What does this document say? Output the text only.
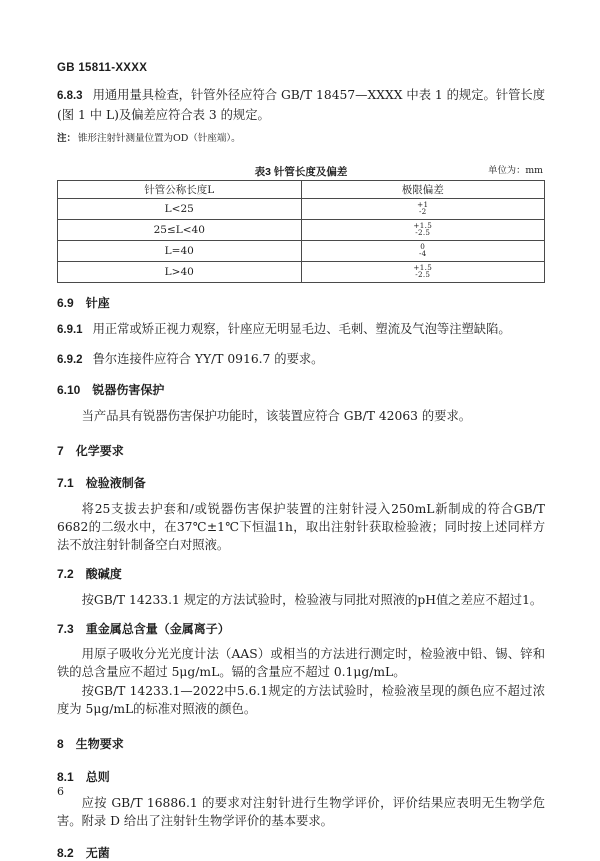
GB 15811-XXXX
6.8.3 用通用量具检查，针管外径应符合 GB/T 18457—XXXX 中表 1 的规定。针管长度(图 1 中 L)及偏差应符合表 3 的规定。
注： 锥形注射针测量位置为OD（针座端）。
表3 针管长度及偏差	单位为：mm
针管公称长度L	极限偏差
L<25	+1
-2

25≤L<40	+1.5
-2.5

L=40	0
-4

L>40	+1.5
-2.5
6.9 针座
6.9.1 用正常或矫正视力观察，针座应无明显毛边、毛刺、塑流及气泡等注塑缺陷。
6.9.2 鲁尔连接件应符合 YY/T 0916.7 的要求。
6.10 锐器伤害保护
当产品具有锐器伤害保护功能时，该装置应符合 GB/T 42063 的要求。
7 化学要求
7.1 检验液制备
将25支拔去护套和/或锐器伤害保护装置的注射针浸入250mL新制成的符合GB/T 6682的二级水中，在37℃±1℃下恒温1h，取出注射针获取检验液；同时按上述同样方法不放注射针制备空白对照液。
7.2 酸碱度
按GB/T 14233.1 规定的方法试验时，检验液与同批对照液的pH值之差应不超过1。
7.3 重金属总含量（金属离子）
用原子吸收分光光度计法（AAS）或相当的方法进行测定时，检验液中铅、锡、锌和铁的总含量应不超过 5μg/mL。镉的含量应不超过 0.1μg/mL。
按GB/T 14233.1—2022中5.6.1规定的方法试验时，检验液呈现的颜色应不超过浓度为 5μg/mL的标准对照液的颜色。
8 生物要求
8.1 总则
应按 GB/T 16886.1 的要求对注射针进行生物学评价，评价结果应表明无生物学危害。附录 D 给出了注射针生物学评价的基本要求。
8.2 无菌
6
